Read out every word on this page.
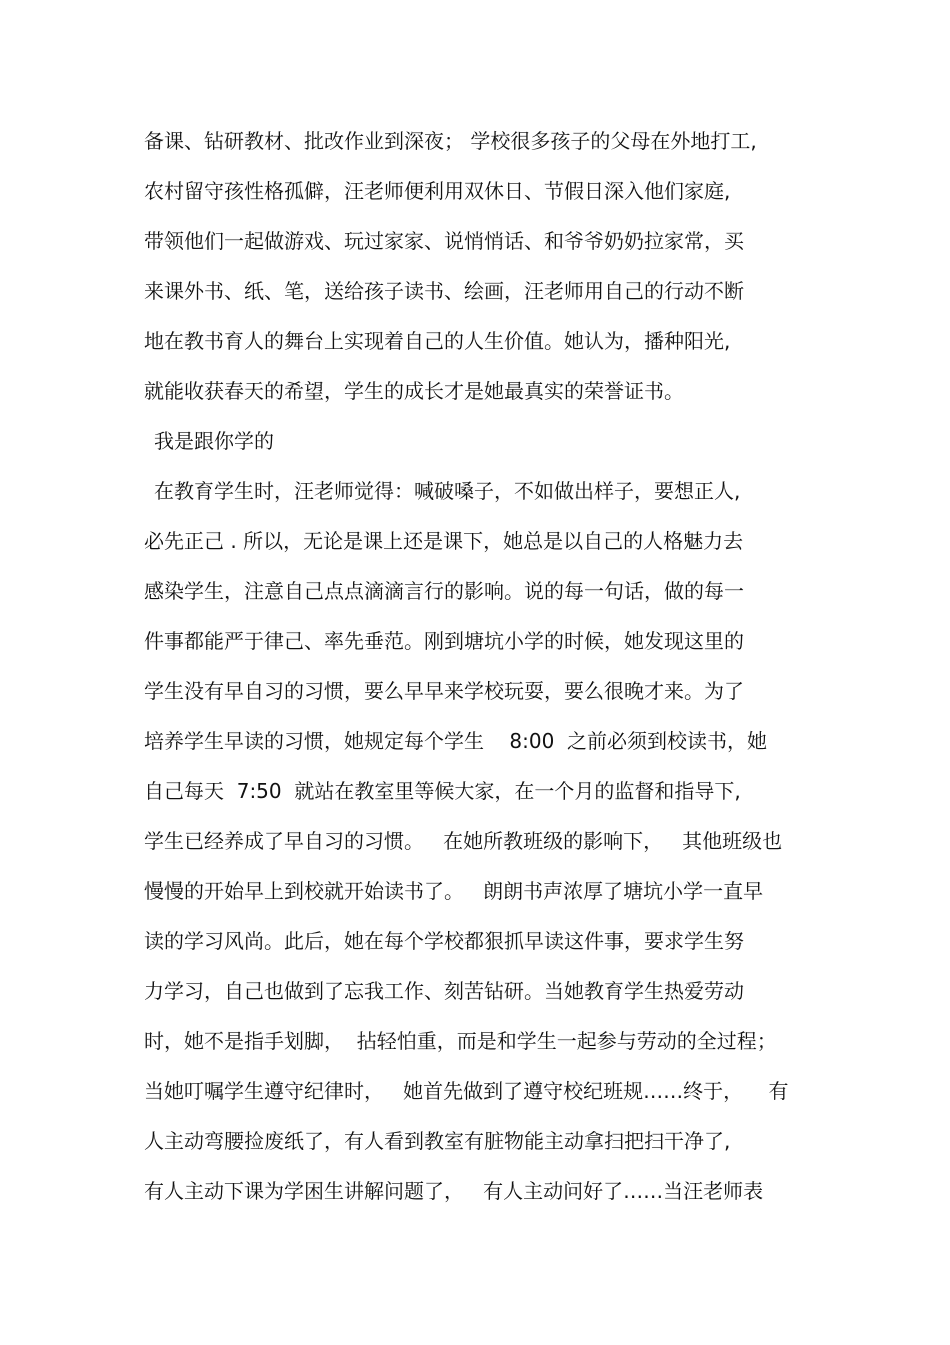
备课、钻研教材、批改作业到深夜； 学校很多孩子的父母在外地打工,
农村留守孩性格孤僻，汪老师便利用双休日、节假日深入他们家庭,
带领他们一起做游戏、玩过家家、说悄悄话、和爷爷奶奶拉家常，买
来课外书、纸、笔，送给孩子读书、绘画，汪老师用自己的行动不断
地在教书育人的舞台上实现着自己的人生价值。她认为，播种阳光,
就能收获春天的希望，学生的成长才是她最真实的荣誉证书。
我是跟你学的
在教育学生时，汪老师觉得：喊破嗓子，不如做出样子，要想正人,
必先正己 . 所以，无论是课上还是课下，她总是以自己的人格魅力去
感染学生，注意自己点点滴滴言行的影响。说的每一句话，做的每一
件事都能严于律己、率先垂范。刚到塘坑小学的时候，她发现这里的
学生没有早自习的习惯，要么早早来学校玩耍，要么很晚才来。为了
培养学生早读的习惯，她规定每个学生    8:00  之前必须到校读书，她
自己每天  7:50  就站在教室里等候大家，在一个月的监督和指导下,
学生已经养成了早自习的习惯。   在她所教班级的影响下，   其他班级也
慢慢的开始早上到校就开始读书了。   朗朗书声浓厚了塘坑小学一直早
读的学习风尚。此后，她在每个学校都狠抓早读这件事，要求学生努
力学习，自己也做到了忘我工作、刻苦钻研。当她教育学生热爱劳动
时，她不是指手划脚，  拈轻怕重，而是和学生一起参与劳动的全过程；
当她叮嘱学生遵守纪律时，   她首先做到了遵守校纪班规……终于，    有
人主动弯腰捡废纸了，有人看到教室有脏物能主动拿扫把扫干净了,
有人主动下课为学困生讲解问题了，   有人主动问好了……当汪老师表
